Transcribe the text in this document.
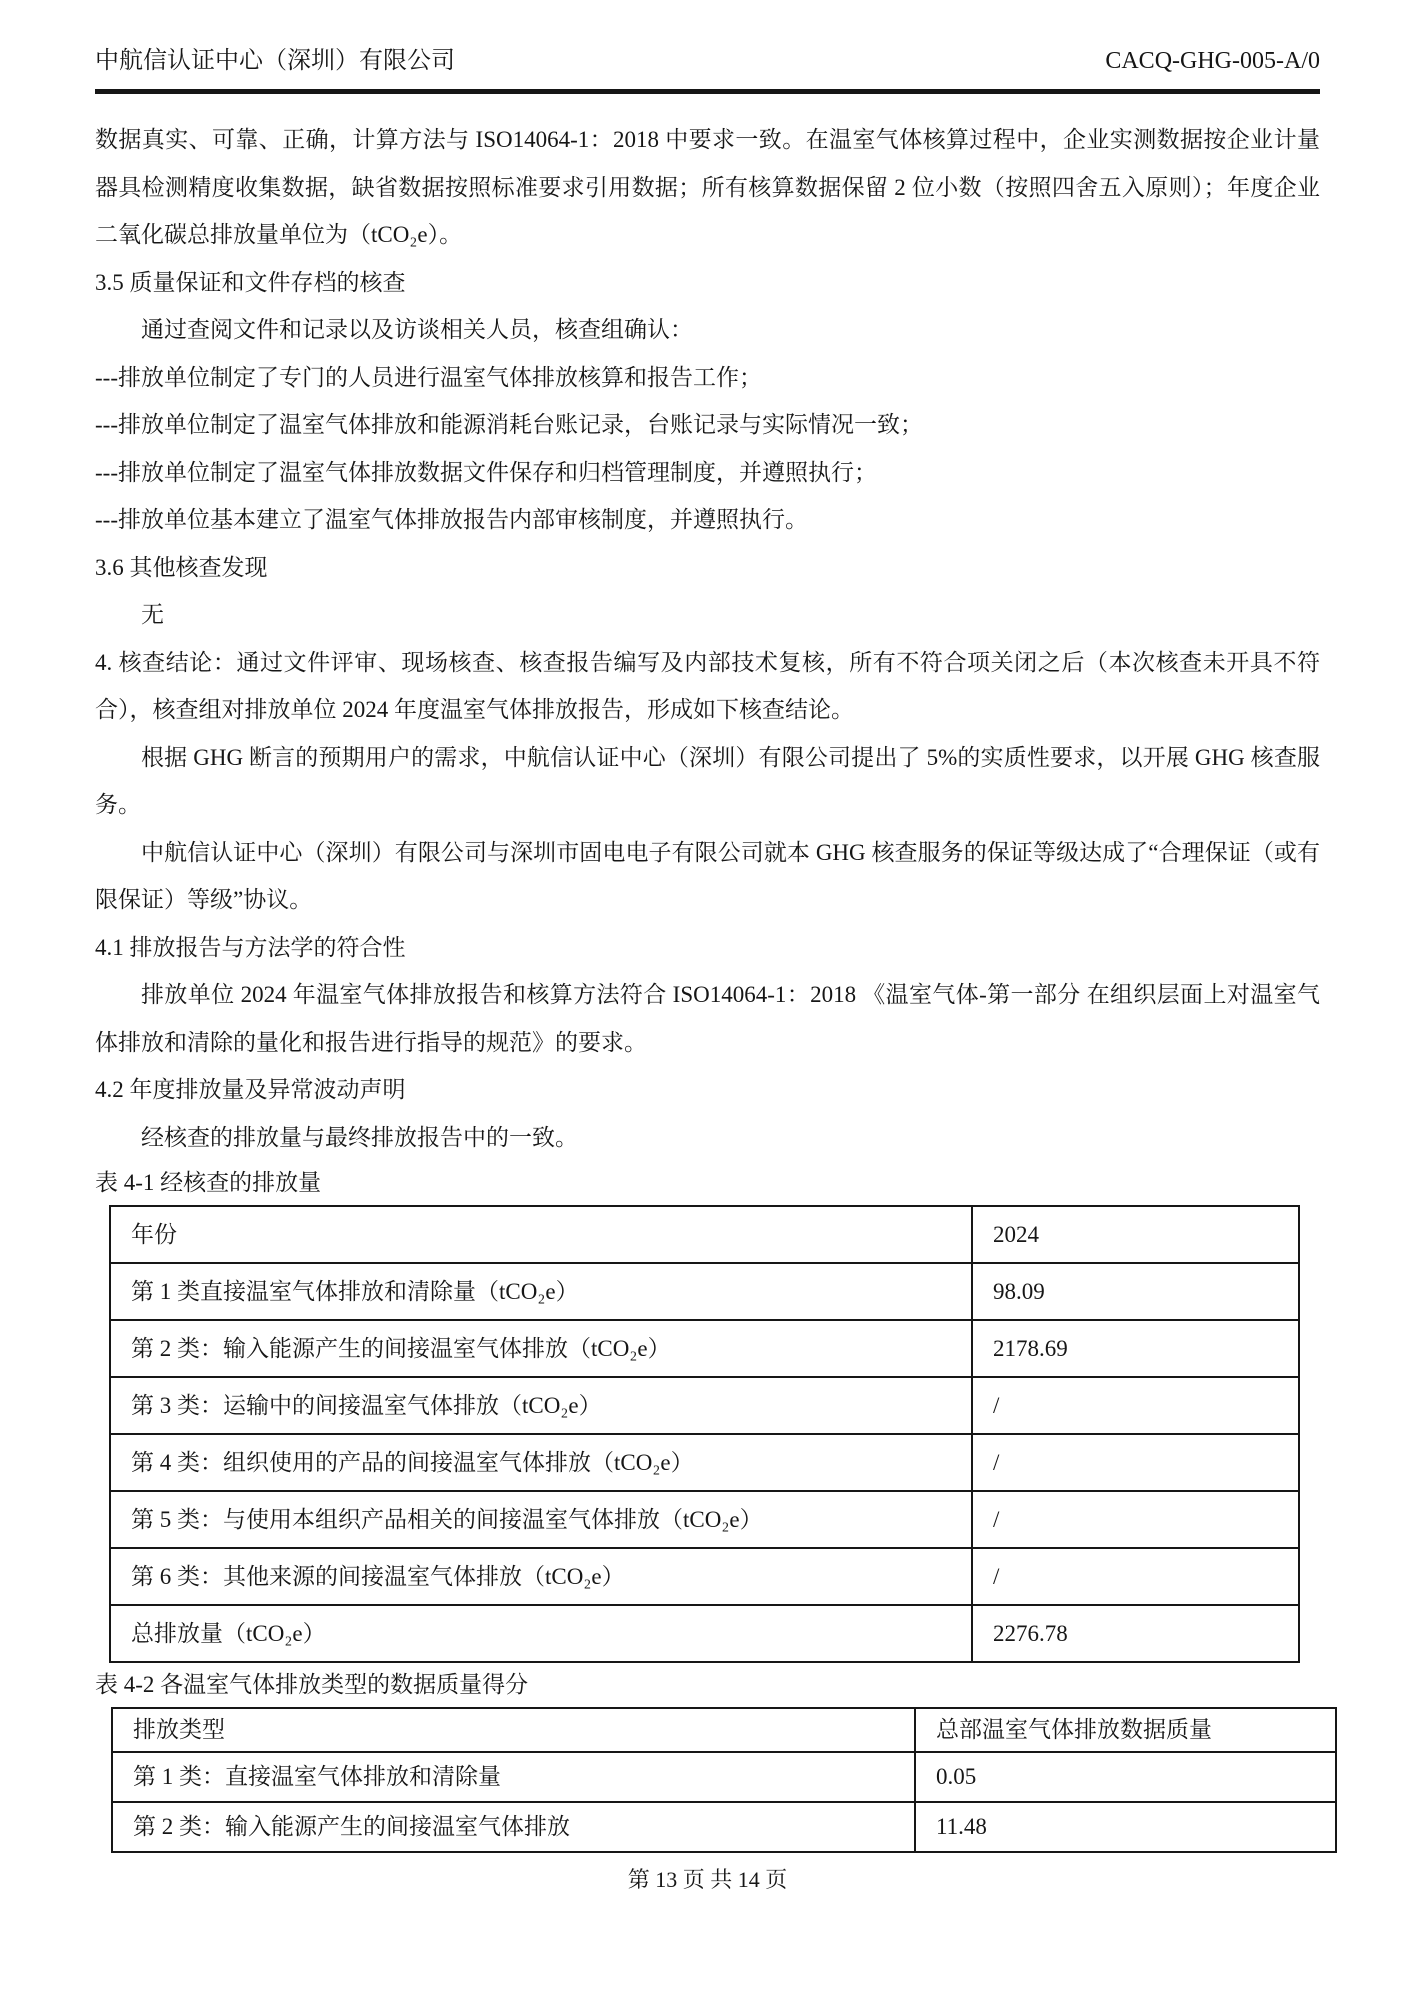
中航信认证中心（深圳）有限公司	CACQ-GHG-005-A/0

数据真实、可靠、正确，计算方法与 ISO14064-1：2018 中要求一致。在温室气体核算过程中，企业实测数据按企业计量器具检测精度收集数据，缺省数据按照标准要求引用数据；所有核算数据保留 2 位小数（按照四舍五入原则）；年度企业二氧化碳总排放量单位为（tCO₂e）。

3.5 质量保证和文件存档的核查

通过查阅文件和记录以及访谈相关人员，核查组确认：

---排放单位制定了专门的人员进行温室气体排放核算和报告工作；

---排放单位制定了温室气体排放和能源消耗台账记录，台账记录与实际情况一致；

---排放单位制定了温室气体排放数据文件保存和归档管理制度，并遵照执行；

---排放单位基本建立了温室气体排放报告内部审核制度，并遵照执行。

3.6 其他核查发现

无

4. 核查结论：通过文件评审、现场核查、核查报告编写及内部技术复核，所有不符合项关闭之后（本次核查未开具不符合），核查组对排放单位 2024 年度温室气体排放报告，形成如下核查结论。

根据 GHG 断言的预期用户的需求，中航信认证中心（深圳）有限公司提出了 5%的实质性要求，以开展 GHG 核查服务。

中航信认证中心（深圳）有限公司与深圳市固电电子有限公司就本 GHG 核查服务的保证等级达成了“合理保证（或有限保证）等级”协议。

4.1 排放报告与方法学的符合性

排放单位 2024 年温室气体排放报告和核算方法符合 ISO14064-1：2018 《温室气体-第一部分 在组织层面上对温室气体排放和清除的量化和报告进行指导的规范》的要求。

4.2 年度排放量及异常波动声明

经核查的排放量与最终排放报告中的一致。

表 4-1 经核查的排放量

年份	2024
第 1 类直接温室气体排放和清除量（tCO₂e）	98.09
第 2 类：输入能源产生的间接温室气体排放（tCO₂e）	2178.69
第 3 类：运输中的间接温室气体排放（tCO₂e）	/
第 4 类：组织使用的产品的间接温室气体排放（tCO₂e）	/
第 5 类：与使用本组织产品相关的间接温室气体排放（tCO₂e）	/
第 6 类：其他来源的间接温室气体排放（tCO₂e）	/
总排放量（tCO₂e）	2276.78

表 4-2 各温室气体排放类型的数据质量得分

排放类型	总部温室气体排放数据质量
第 1 类：直接温室气体排放和清除量	0.05
第 2 类：输入能源产生的间接温室气体排放	11.48
第 13 页 共 14 页
